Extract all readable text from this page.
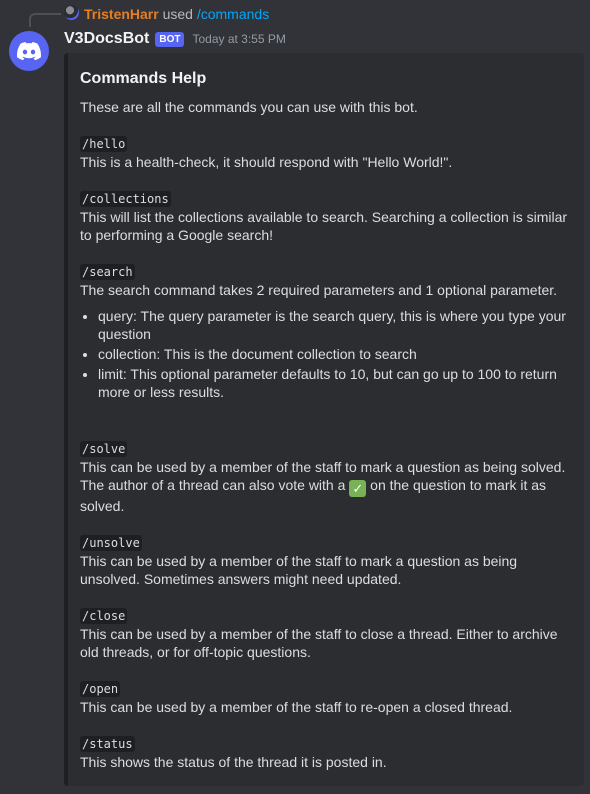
TristenHarr used /commands
V3DocsBot	BOT	Today at 3:55 PM
Commands Help

These are all the commands you can use with this bot.

/hello

This is a health-check, it should respond with "Hello World!".

/collections

This will list the collections available to search. Searching a collection is similar to performing a Google search!

/search

The search command takes 2 required parameters and 1 optional parameter.

• query: The query parameter is the search query, this is where you type your question
• collection: This is the document collection to search
• limit: This optional parameter defaults to 10, but can go up to 100 to return more or less results.

/solve

This can be used by a member of the staff to mark a question as being solved. The author of a thread can also vote with a ✓ on the question to mark it as solved.

/unsolve

This can be used by a member of the staff to mark a question as being unsolved. Sometimes answers might need updated.

/close

This can be used by a member of the staff to close a thread. Either to archive old threads, or for off-topic questions.

/open

This can be used by a member of the staff to re-open a closed thread.

/status

This shows the status of the thread it is posted in.
